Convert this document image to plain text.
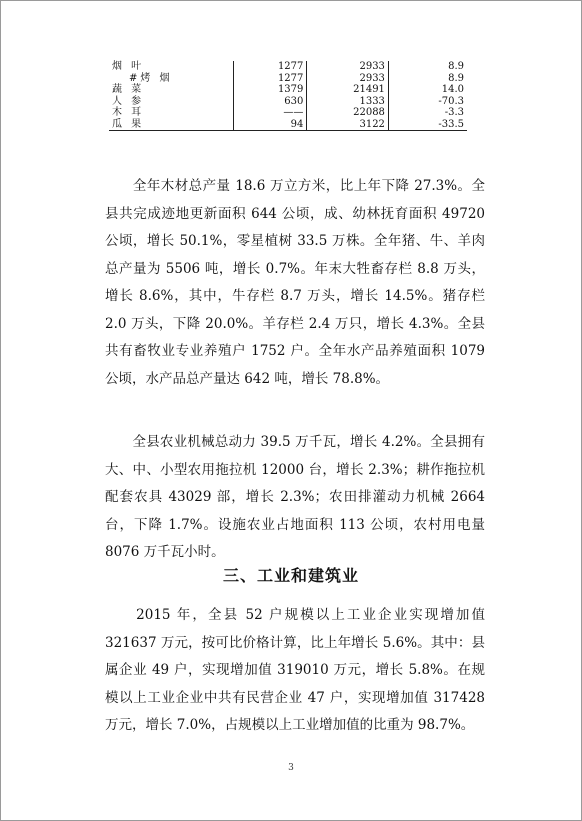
烟 叶	1277	2933	8.9
#烤 烟	1277	2933	8.9
蔬 菜	1379	21491	14.0
人 参	630	1333	-70.3
木 耳	——	22088	-3.3
瓜 果	94	3122	-33.5
　　全年木材总产量 18.6 万立方米，比上年下降 27.3%。全县共完成迹地更新面积 644 公顷，成、幼林抚育面积 49720 公顷，增长 50.1%，零星植树 33.5 万株。全年猪、牛、羊肉总产量为 5506 吨，增长 0.7%。年末大牲畜存栏 8.8 万头，增长 8.6%，其中，牛存栏 8.7 万头，增长 14.5%。猪存栏 2.0 万头，下降 20.0%。羊存栏 2.4 万只，增长 4.3%。全县共有畜牧业专业养殖户 1752 户。全年水产品养殖面积 1079 公顷，水产品总产量达 642 吨，增长 78.8%。
　　全县农业机械总动力 39.5 万千瓦，增长 4.2%。全县拥有大、中、小型农用拖拉机 12000 台，增长 2.3%；耕作拖拉机配套农具 43029 部，增长 2.3%；农田排灌动力机械 2664 台，下降 1.7%。设施农业占地面积 113 公顷，农村用电量 8076 万千瓦小时。
三、工业和建筑业
　　2015 年，全县 52 户规模以上工业企业实现增加值 321637 万元，按可比价格计算，比上年增长 5.6%。其中：县属企业 49 户，实现增加值 319010 万元，增长 5.8%。在规模以上工业企业中共有民营企业 47 户，实现增加值 317428 万元，增长 7.0%，占规模以上工业增加值的比重为 98.7%。
3
